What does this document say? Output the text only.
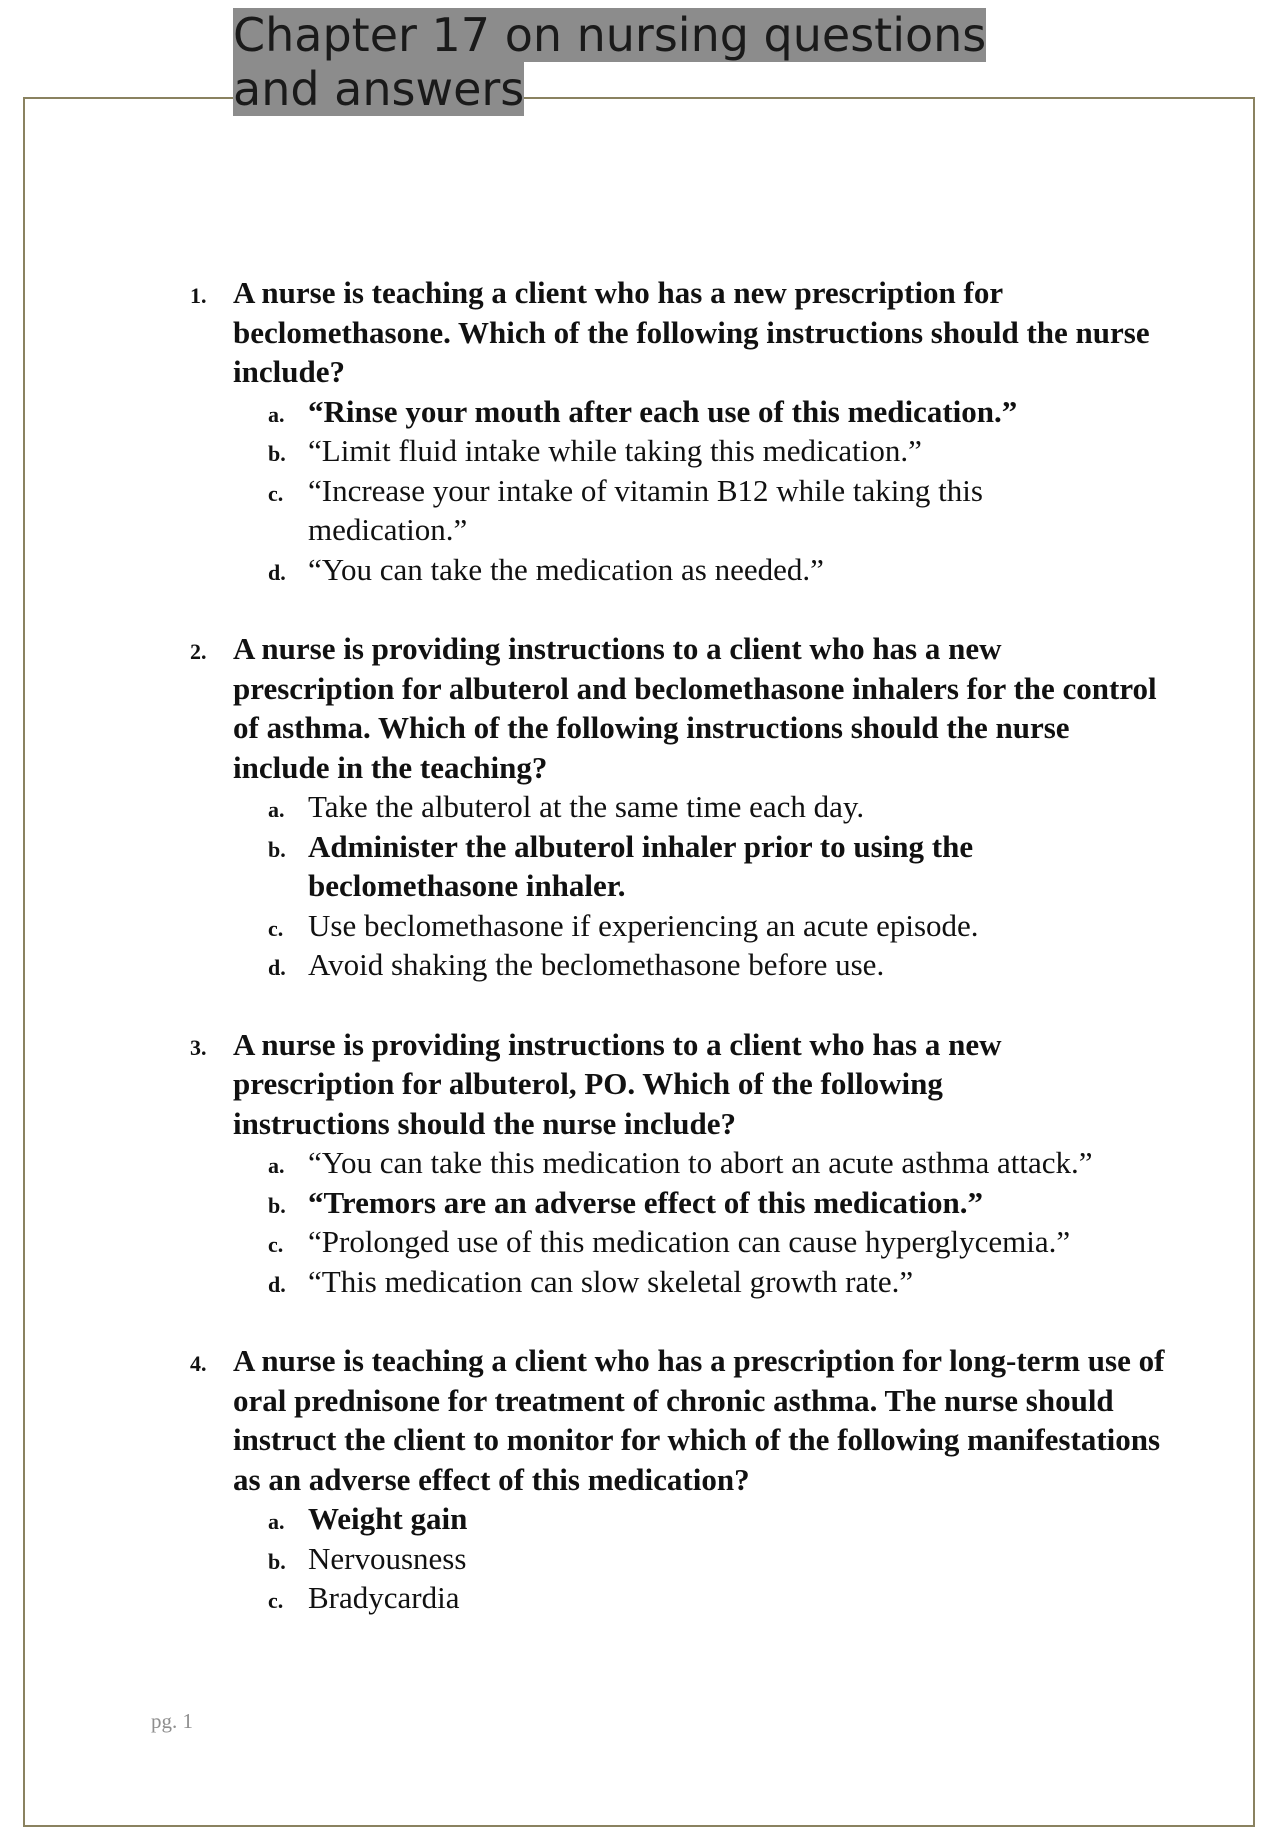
Chapter 17 on nursing questions and answers
1. A nurse is teaching a client who has a new prescription for beclomethasone. Which of the following instructions should the nurse include?

a. “Rinse your mouth after each use of this medication.”
b. “Limit fluid intake while taking this medication.”
c. “Increase your intake of vitamin B12 while taking this medication.”
d. “You can take the medication as needed.”
2. A nurse is providing instructions to a client who has a new prescription for albuterol and beclomethasone inhalers for the control of asthma. Which of the following instructions should the nurse include in the teaching?

a. Take the albuterol at the same time each day.
b. Administer the albuterol inhaler prior to using the beclomethasone inhaler.
c. Use beclomethasone if experiencing an acute episode.
d. Avoid shaking the beclomethasone before use.
3. A nurse is providing instructions to a client who has a new prescription for albuterol, PO. Which of the following instructions should the nurse include?

a. “You can take this medication to abort an acute asthma attack.”
b. “Tremors are an adverse effect of this medication.”
c. “Prolonged use of this medication can cause hyperglycemia.”
d. “This medication can slow skeletal growth rate.”
4. A nurse is teaching a client who has a prescription for long-term use of oral prednisone for treatment of chronic asthma. The nurse should instruct the client to monitor for which of the following manifestations as an adverse effect of this medication?

a. Weight gain
b. Nervousness
c. Bradycardia
pg. 1
